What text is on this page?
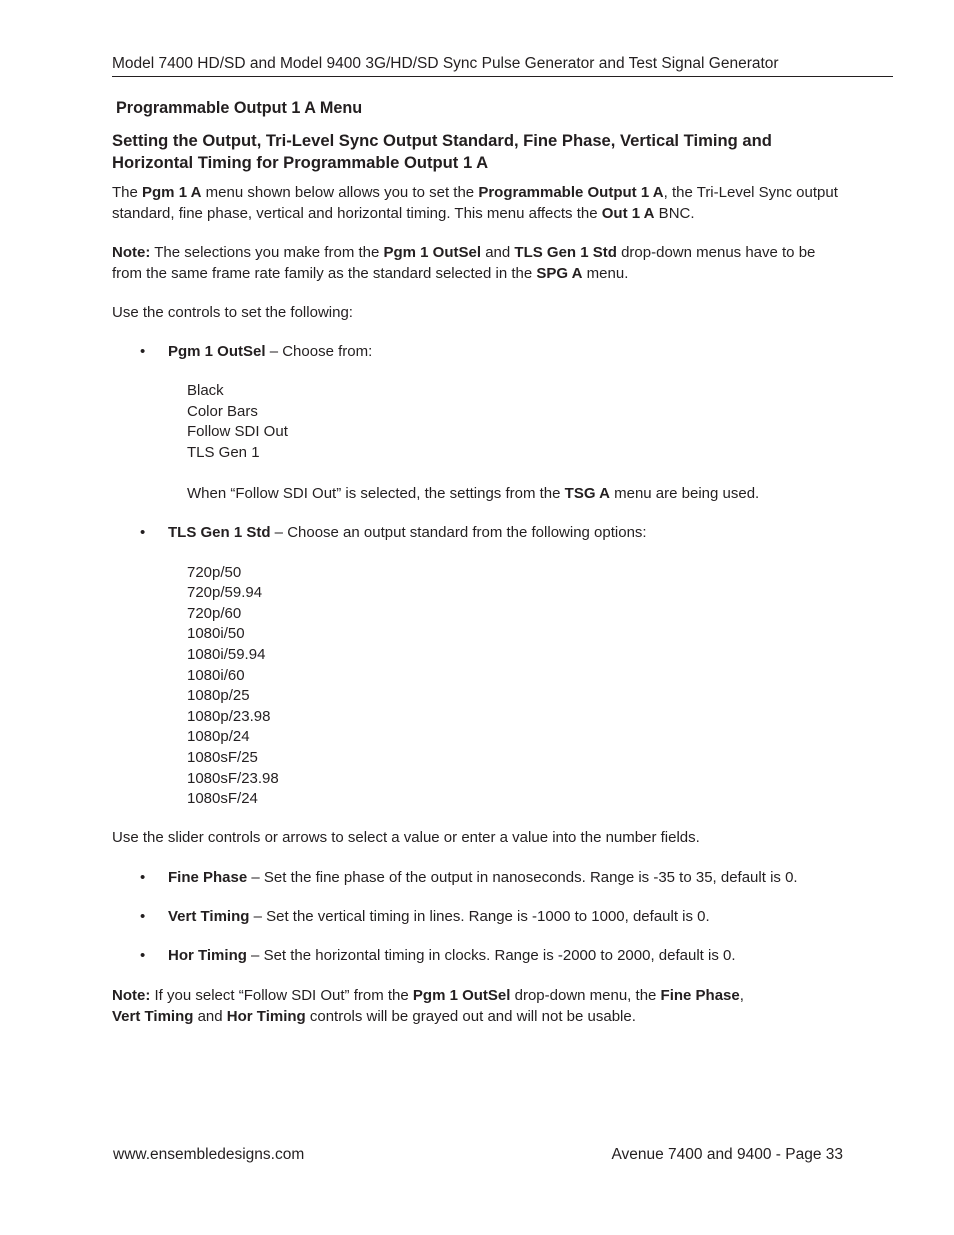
Model 7400 HD/SD and Model 9400 3G/HD/SD Sync Pulse Generator and Test Signal Generator
Programmable Output 1 A Menu
Setting the Output, Tri-Level Sync Output Standard, Fine Phase, Vertical Timing and Horizontal Timing for Programmable Output 1 A
The Pgm 1 A menu shown below allows you to set the Programmable Output 1 A, the Tri-Level Sync output standard, fine phase, vertical and horizontal timing. This menu affects the Out 1 A BNC.
Note: The selections you make from the Pgm 1 OutSel and TLS Gen 1 Std drop-down menus have to be from the same frame rate family as the standard selected in the SPG A menu.
Use the controls to set the following:
• Pgm 1 OutSel – Choose from:
Black
Color Bars
Follow SDI Out
TLS Gen 1
When “Follow SDI Out” is selected, the settings from the TSG A menu are being used.
• TLS Gen 1 Std – Choose an output standard from the following options:
720p/50
720p/59.94
720p/60
1080i/50
1080i/59.94
1080i/60
1080p/25
1080p/23.98
1080p/24
1080sF/25
1080sF/23.98
1080sF/24
Use the slider controls or arrows to select a value or enter a value into the number fields.
• Fine Phase – Set the fine phase of the output in nanoseconds. Range is -35 to 35, default is 0.
• Vert Timing – Set the vertical timing in lines. Range is -1000 to 1000, default is 0.
• Hor Timing – Set the horizontal timing in clocks. Range is -2000 to 2000, default is 0.
Note: If you select “Follow SDI Out” from the Pgm 1 OutSel drop-down menu, the Fine Phase,
Vert Timing and Hor Timing controls will be grayed out and will not be usable.
www.ensembledesigns.com	Avenue 7400 and 9400 - Page 33
